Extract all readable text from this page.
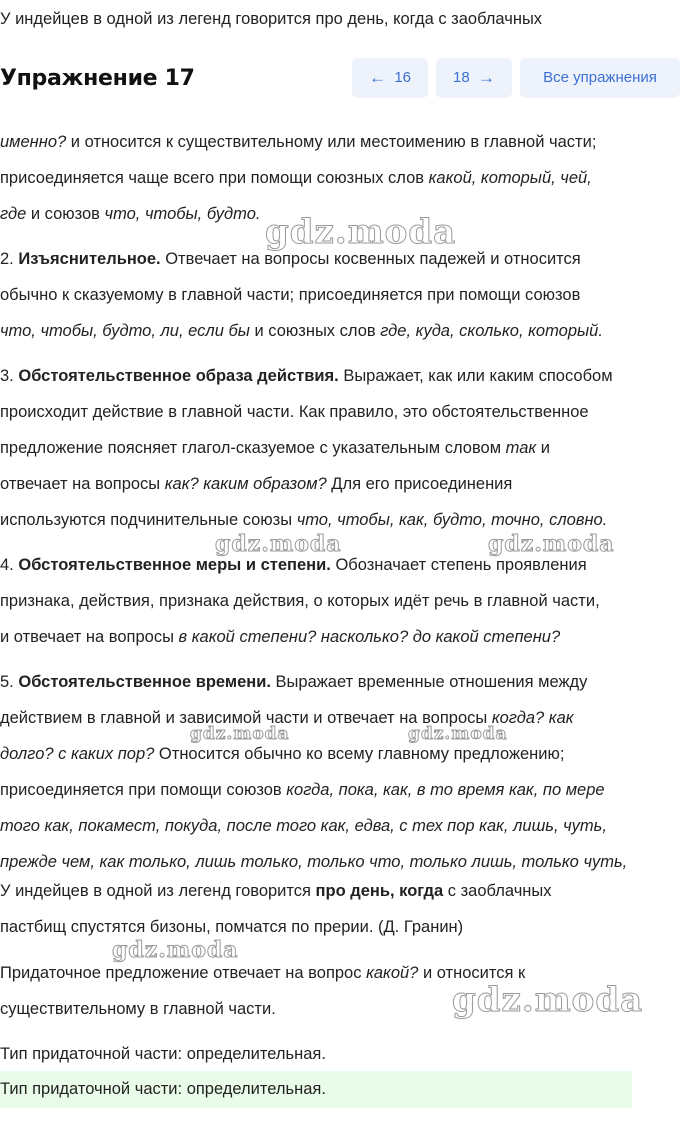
У индейцев в одной из легенд говорится про день, когда с заоблачных
Упражнение 17	← 16	18 →	Все упражнения
именно? и относится к существительному или местоимению в главной части;
присоединяется чаще всего при помощи союзных слов какой, который, чей,
где и союзов что, чтобы, будто.
2. Изъяснительное. Отвечает на вопросы косвенных падежей и относится
обычно к сказуемому в главной части; присоединяется при помощи союзов
что, чтобы, будто, ли, если бы и союзных слов где, куда, сколько, который.
3. Обстоятельственное образа действия. Выражает, как или каким способом
происходит действие в главной части. Как правило, это обстоятельственное
предложение поясняет глагол-сказуемое с указательным словом так и
отвечает на вопросы как? каким образом? Для его присоединения
используются подчинительные союзы что, чтобы, как, будто, точно, словно.
4. Обстоятельственное меры и степени. Обозначает степень проявления
признака, действия, признака действия, о которых идёт речь в главной части,
и отвечает на вопросы в какой степени? насколько? до какой степени?
5. Обстоятельственное времени. Выражает временные отношения между
действием в главной и зависимой части и отвечает на вопросы когда? как
долго? с каких пор? Относится обычно ко всему главному предложению;
присоединяется при помощи союзов когда, пока, как, в то время как, по мере
того как, покамест, покуда, после того как, едва, с тех пор как, лишь, чуть,
прежде чем, как только, лишь только, только что, только лишь, только чуть,
У индейцев в одной из легенд говорится про день, когда с заоблачных
пастбищ спустятся бизоны, помчатся по прерии. (Д. Гранин)
Придаточное предложение отвечает на вопрос какой? и относится к
существительному в главной части.
Тип придаточной части: определительная.
Тип придаточной части: определительная.
gdz.moda
gdz.moda	gdz.moda
gdz.moda	gdz.moda
gdz.moda
gdz.moda
